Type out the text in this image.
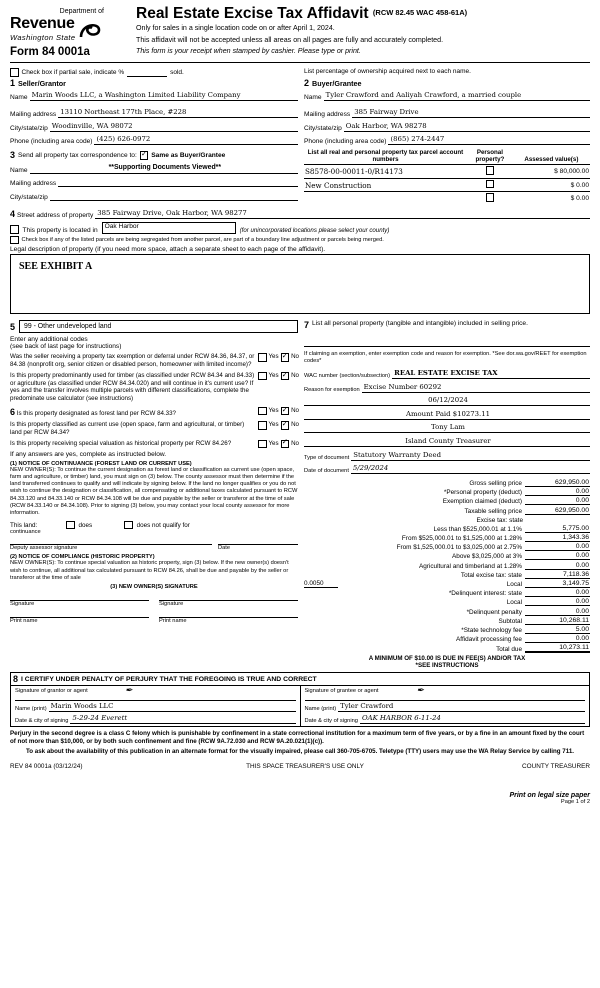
Department of
Revenue
Washington State
Form 84 0001a
Real Estate Excise Tax Affidavit (RCW 82.45 WAC 458-61A)
Only for sales in a single location code on or after April 1, 2024.
This affidavit will not be accepted unless all areas on all pages are fully and accurately completed.
This form is your receipt when stamped by cashier. Please type or print.
Check box if partial sale, indicate %	sold.	List percentage of ownership acquired next to each name.
1 Seller/Grantor
Name Marin Woods LLC, a Washington Limited Liability Company
Mailing address 13110 Northeast 177th Place, #228
City/state/zip Woodinville, WA 98072
Phone (including area code) (425) 626-0972
2 Buyer/Grantee
Name Tyler Crawford and Aaliyah Crawford, a married couple
Mailing address 385 Fairway Drive
City/state/zip Oak Harbor, WA 98278
Phone (including area code) (865) 274-2447
3 Send all property tax correspondence to: ✓ Same as Buyer/Grantee
Name	**Supporting Documents Viewed**
Mailing address
City/state/zip
List all real and personal property tax parcel account numbers	Personal property?	Assessed value(s)
S8578-00-00011-0/R14173		$ 80,000.00
New Construction		$ 0.00
		$ 0.00
4 Street address of property 385 Fairway Drive, Oak Harbor, WA 98277
This property is located in
Oak Harbor
(for unincorporated locations please select your county)
Check box if any of the listed parcels are being segregated from another parcel, are part of a boundary line adjustment or parcels being merged.
Legal description of property (if you need more space, attach a separate sheet to each page of the affidavit).
SEE EXHIBIT A
5	99 - Other undeveloped land
Enter any additional codes
(see back of last page for instructions)
Was the seller receiving a property tax exemption or deferral under RCW 84.36, 84.37, or 84.38 (nonprofit org, senior citizen or disabled person, homeowner with limited income)?
Yes ✓ No
Is this property predominantly used for timber (as classified under RCW 84.34 and 84.33) or agriculture (as classified under RCW 84.34.020) and will continue in it's current use? If yes and the transfer involves multiple parcels with different classifications, complete the predominate use calculator (see instructions)
Yes ✓ No
6 Is this property designated as forest land per RCW 84.33?	Yes ✓ No
Is this property classified as current use (open space, farm and agricultural, or timber) land per RCW 84.34?
Yes ✓ No
Is this property receiving special valuation as historical property per RCW 84.26?	Yes ✓ No
If any answers are yes, complete as instructed below.
(1) NOTICE OF CONTINUANCE (FOREST LAND OR CURRENT USE)
NEW OWNER(S): To continue the current designation as forest land or classification as current use (open space, farm and agriculture, or timber) land, you must sign on (3) below. The county assessor must then determine if the land transferred continues to qualify and will indicate by signing below. If the land no longer qualifies or you do not wish to continue the designation or classification, all compensating or additional taxes calculated pursuant to RCW 84.33.120 and 84.33.140 or RCW 84.34.108 will be due and payable by the seller or transferor at the time of sale (RCW 84.33.140 or 84.34.108). Prior to signing (3) below, you may contact your local county assessor for more information.
This land:	does	does not qualify for
continuance
Deputy assessor signature	Date
(2) NOTICE OF COMPLIANCE (HISTORIC PROPERTY)
NEW OWNER(S): To continue special valuation as historic property, sign (3) below. If the new owner(s) doesn't wish to continue, all additional tax calculated pursuant to RCW 84.26, shall be due and payable by the seller or transferor at the time of sale
(3) NEW OWNER(S) SIGNATURE
Signature	Signature
Print name	Print name
7 List all personal property (tangible and intangible) included in selling price.
If claiming an exemption, enter exemption code and reason for exemption. *See dor.wa.gov/REET for exemption codes*
WAC number (section/subsection) REAL ESTATE EXCISE TAX
Reason for exemption Excise Number 60292
06/12/2024
Amount Paid $10273.11
Tony Lam
Island County Treasurer
Type of document Statutory Warranty Deed
Date of document 5/29/2024
Gross selling price	629,950.00
*Personal property (deduct)	0.00
Exemption claimed (deduct)	0.00
Taxable selling price	629,950.00
Excise tax: state
Less than $525,000.01 at 1.1%	5,775.00
From $525,000.01 to $1,525,000 at 1.28%	1,343.36
From $1,525,000.01 to $3,025,000 at 2.75%	0.00
Above $3,025,000 at 3%	0.00
Agricultural and timberland at 1.28%	0.00
Total excise tax: state	7,118.36
0.0050	Local	3,149.75
*Delinquent interest: state	0.00
Local	0.00
*Delinquent penalty	0.00
Subtotal	10,268.11
*State technology fee	5.00
Affidavit processing fee	0.00
Total due	10,273.11
A MINIMUM OF $10.00 IS DUE IN FEE(S) AND/OR TAX
*SEE INSTRUCTIONS
8 I CERTIFY UNDER PENALTY OF PERJURY THAT THE FOREGOING IS TRUE AND CORRECT
Signature of grantor or agent	✒
Name (print) Marin Woods LLC
Date & city of signing 5-29-24 Everett
Signature of grantee or agent	✒
Name (print) Tyler Crawford
Date & city of signing OAK HARBOR 6-11-24
Perjury in the second degree is a class C felony which is punishable by confinement in a state correctional institution for a maximum term of five years, or by a fine in an amount fixed by the court of not more than $10,000, or by both such confinement and fine (RCW 9A.72.030 and RCW 9A.20.021(1)(c)).
To ask about the availability of this publication in an alternate format for the visually impaired, please call 360-705-6705. Teletype (TTY) users may use the WA Relay Service by calling 711.
REV 84 0001a (03/12/24)	THIS SPACE TREASURER'S USE ONLY	COUNTY TREASURER
Print on legal size paper
Page 1 of 2
